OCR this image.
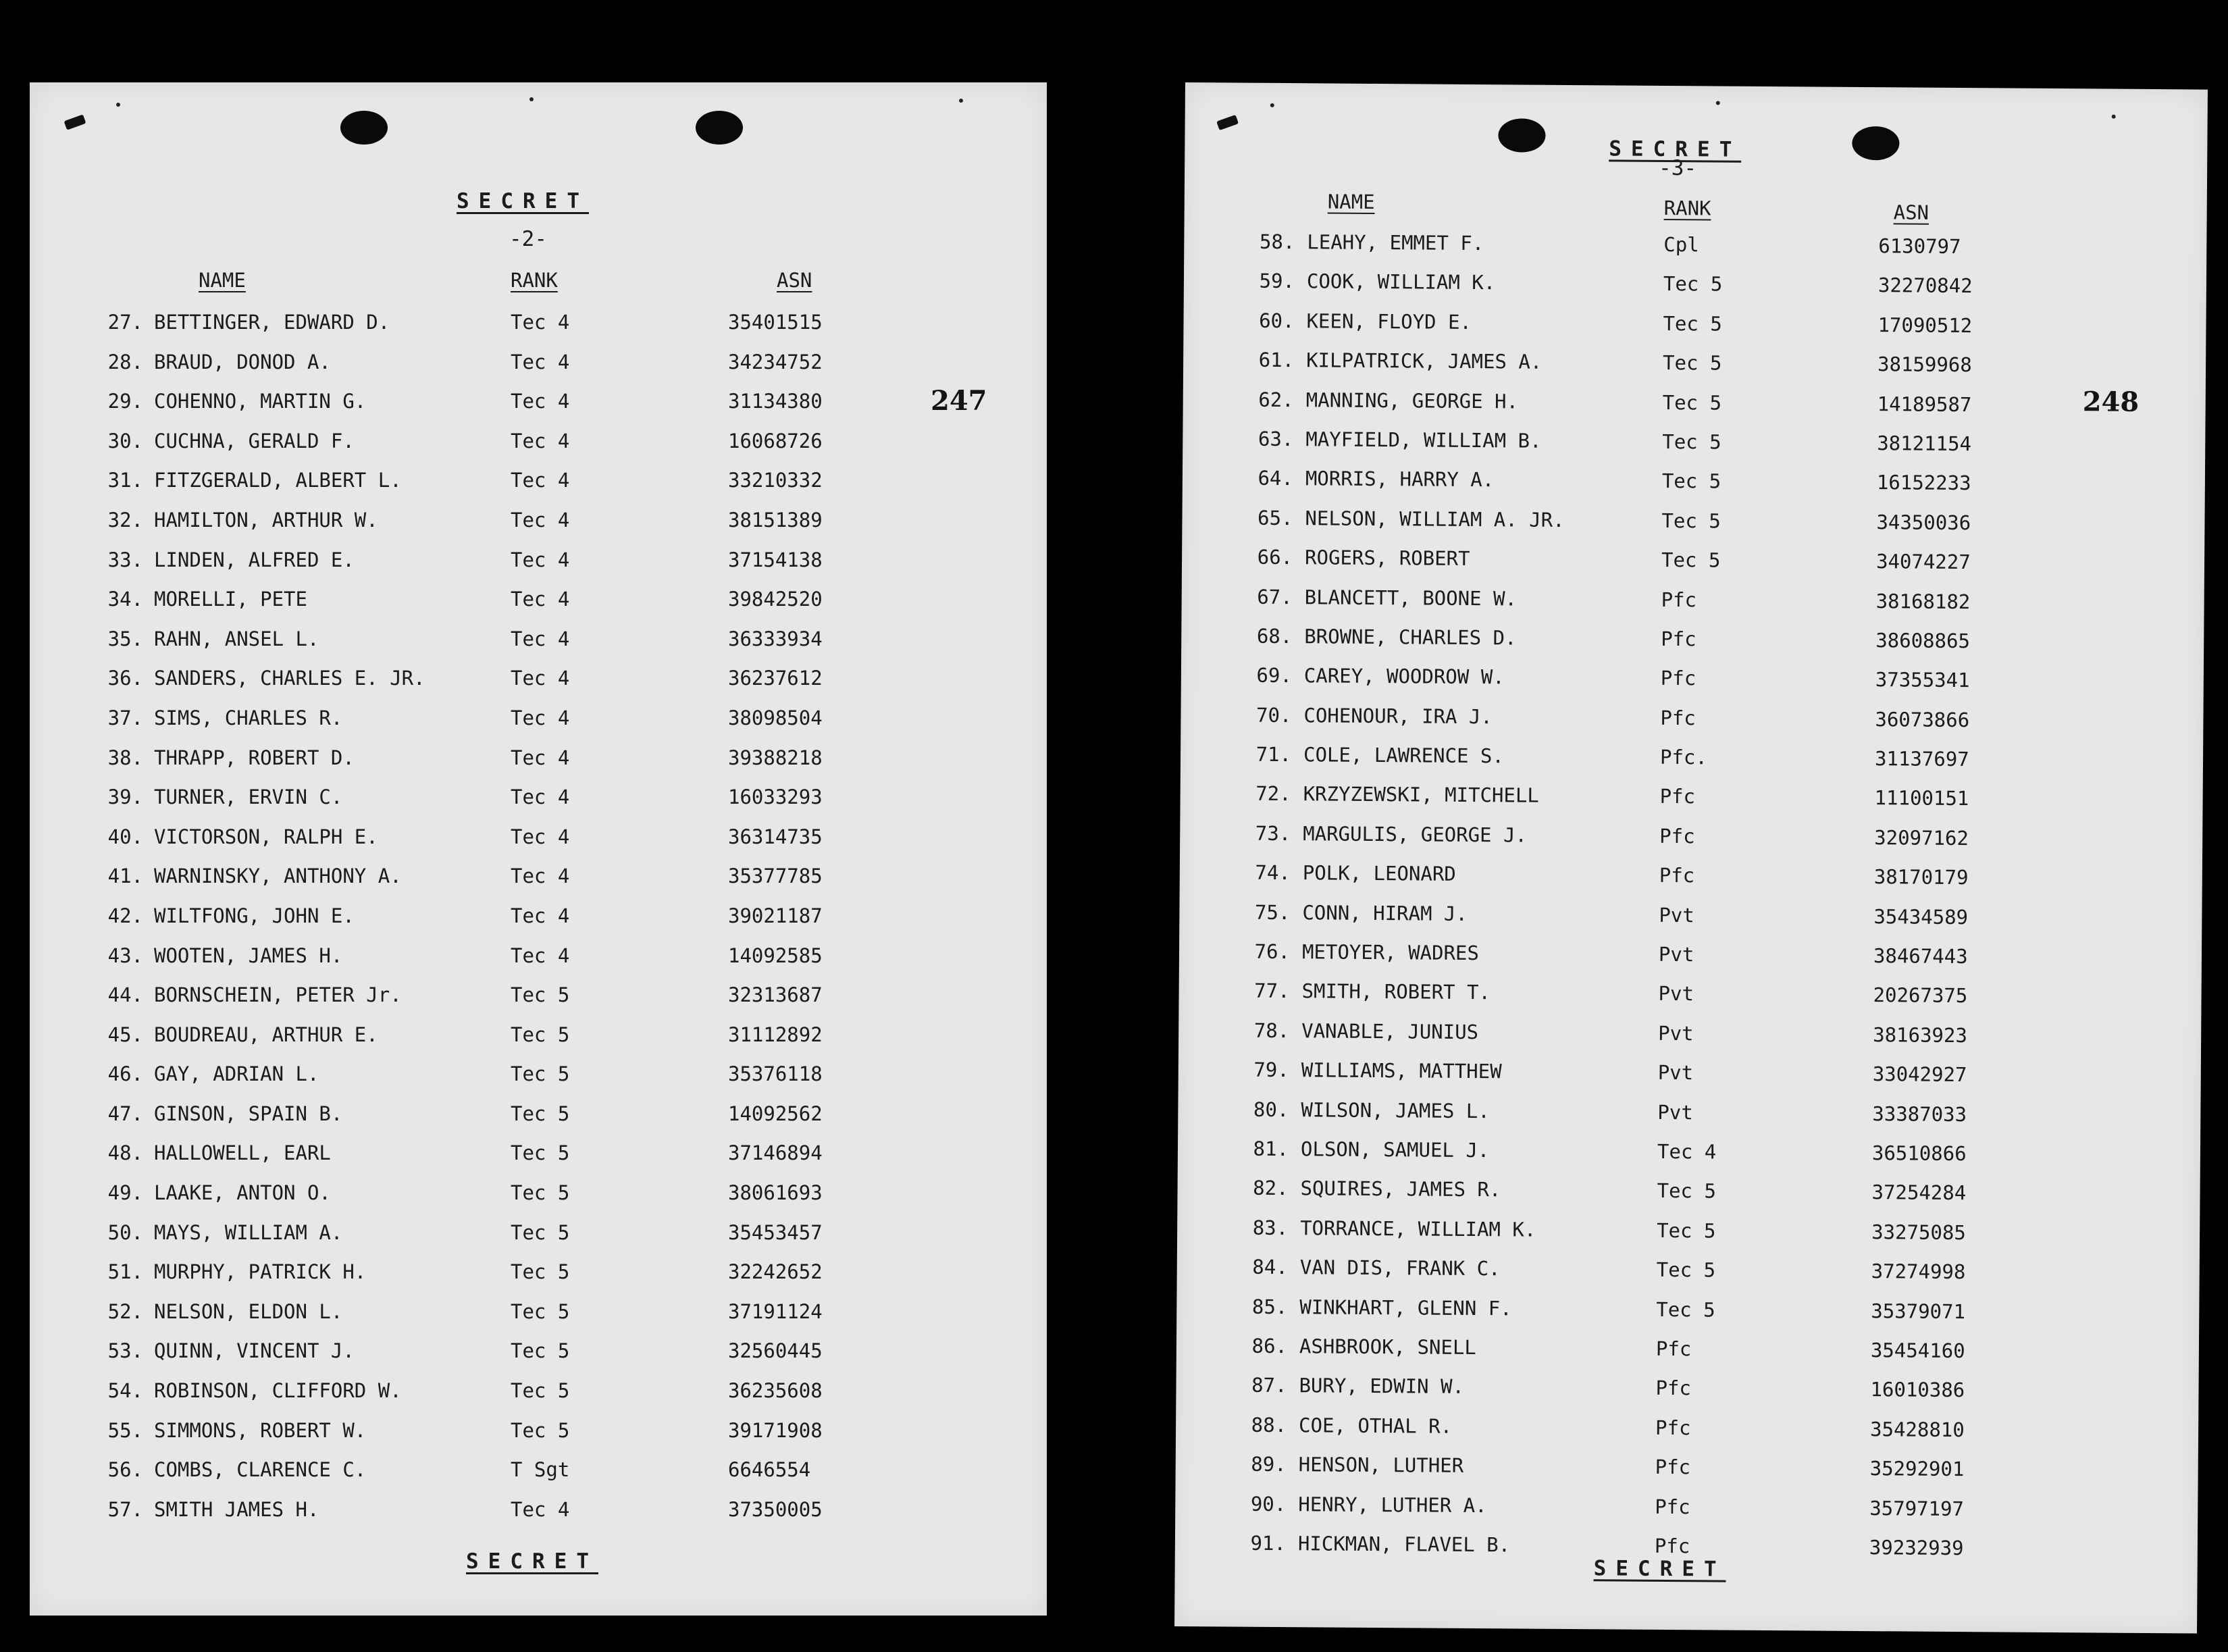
SECRET
-2-
247
NAME	RANK	ASN
27. BETTINGER, EDWARD D.	Tec 4	35401515
28. BRAUD, DONOD A.	Tec 4	34234752
29. COHENNO, MARTIN G.	Tec 4	31134380
30. CUCHNA, GERALD F.	Tec 4	16068726
31. FITZGERALD, ALBERT L.	Tec 4	33210332
32. HAMILTON, ARTHUR W.	Tec 4	38151389
33. LINDEN, ALFRED E.	Tec 4	37154138
34. MORELLI, PETE	Tec 4	39842520
35. RAHN, ANSEL L.	Tec 4	36333934
36. SANDERS, CHARLES E. JR.	Tec 4	36237612
37. SIMS, CHARLES R.	Tec 4	38098504
38. THRAPP, ROBERT D.	Tec 4	39388218
39. TURNER, ERVIN C.	Tec 4	16033293
40. VICTORSON, RALPH E.	Tec 4	36314735
41. WARNINSKY, ANTHONY A.	Tec 4	35377785
42. WILTFONG, JOHN E.	Tec 4	39021187
43. WOOTEN, JAMES H.	Tec 4	14092585
44. BORNSCHEIN, PETER Jr.	Tec 5	32313687
45. BOUDREAU, ARTHUR E.	Tec 5	31112892
46. GAY, ADRIAN L.	Tec 5	35376118
47. GINSON, SPAIN B.	Tec 5	14092562
48. HALLOWELL, EARL	Tec 5	37146894
49. LAAKE, ANTON O.	Tec 5	38061693
50. MAYS, WILLIAM A.	Tec 5	35453457
51. MURPHY, PATRICK H.	Tec 5	32242652
52. NELSON, ELDON L.	Tec 5	37191124
53. QUINN, VINCENT J.	Tec 5	32560445
54. ROBINSON, CLIFFORD W.	Tec 5	36235608
55. SIMMONS, ROBERT W.	Tec 5	39171908
56. COMBS, CLARENCE C.	T Sgt	6646554
57. SMITH JAMES H.	Tec 4	37350005
SECRET
SECRET
-3-
248
NAME	RANK	ASN
58. LEAHY, EMMET F.	Cpl	6130797
59. COOK, WILLIAM K.	Tec 5	32270842
60. KEEN, FLOYD E.	Tec 5	17090512
61. KILPATRICK, JAMES A.	Tec 5	38159968
62. MANNING, GEORGE H.	Tec 5	14189587
63. MAYFIELD, WILLIAM B.	Tec 5	38121154
64. MORRIS, HARRY A.	Tec 5	16152233
65. NELSON, WILLIAM A. JR.	Tec 5	34350036
66. ROGERS, ROBERT	Tec 5	34074227
67. BLANCETT, BOONE W.	Pfc	38168182
68. BROWNE, CHARLES D.	Pfc	38608865
69. CAREY, WOODROW W.	Pfc	37355341
70. COHENOUR, IRA J.	Pfc	36073866
71. COLE, LAWRENCE S.	Pfc.	31137697
72. KRZYZEWSKI, MITCHELL	Pfc	11100151
73. MARGULIS, GEORGE J.	Pfc	32097162
74. POLK, LEONARD	Pfc	38170179
75. CONN, HIRAM J.	Pvt	35434589
76. METOYER, WADRES	Pvt	38467443
77. SMITH, ROBERT T.	Pvt	20267375
78. VANABLE, JUNIUS	Pvt	38163923
79. WILLIAMS, MATTHEW	Pvt	33042927
80. WILSON, JAMES L.	Pvt	33387033
81. OLSON, SAMUEL J.	Tec 4	36510866
82. SQUIRES, JAMES R.	Tec 5	37254284
83. TORRANCE, WILLIAM K.	Tec 5	33275085
84. VAN DIS, FRANK C.	Tec 5	37274998
85. WINKHART, GLENN F.	Tec 5	35379071
86. ASHBROOK, SNELL	Pfc	35454160
87. BURY, EDWIN W.	Pfc	16010386
88. COE, OTHAL R.	Pfc	35428810
89. HENSON, LUTHER	Pfc	35292901
90. HENRY, LUTHER A.	Pfc	35797197
91. HICKMAN, FLAVEL B.	Pfc	39232939
SECRET
